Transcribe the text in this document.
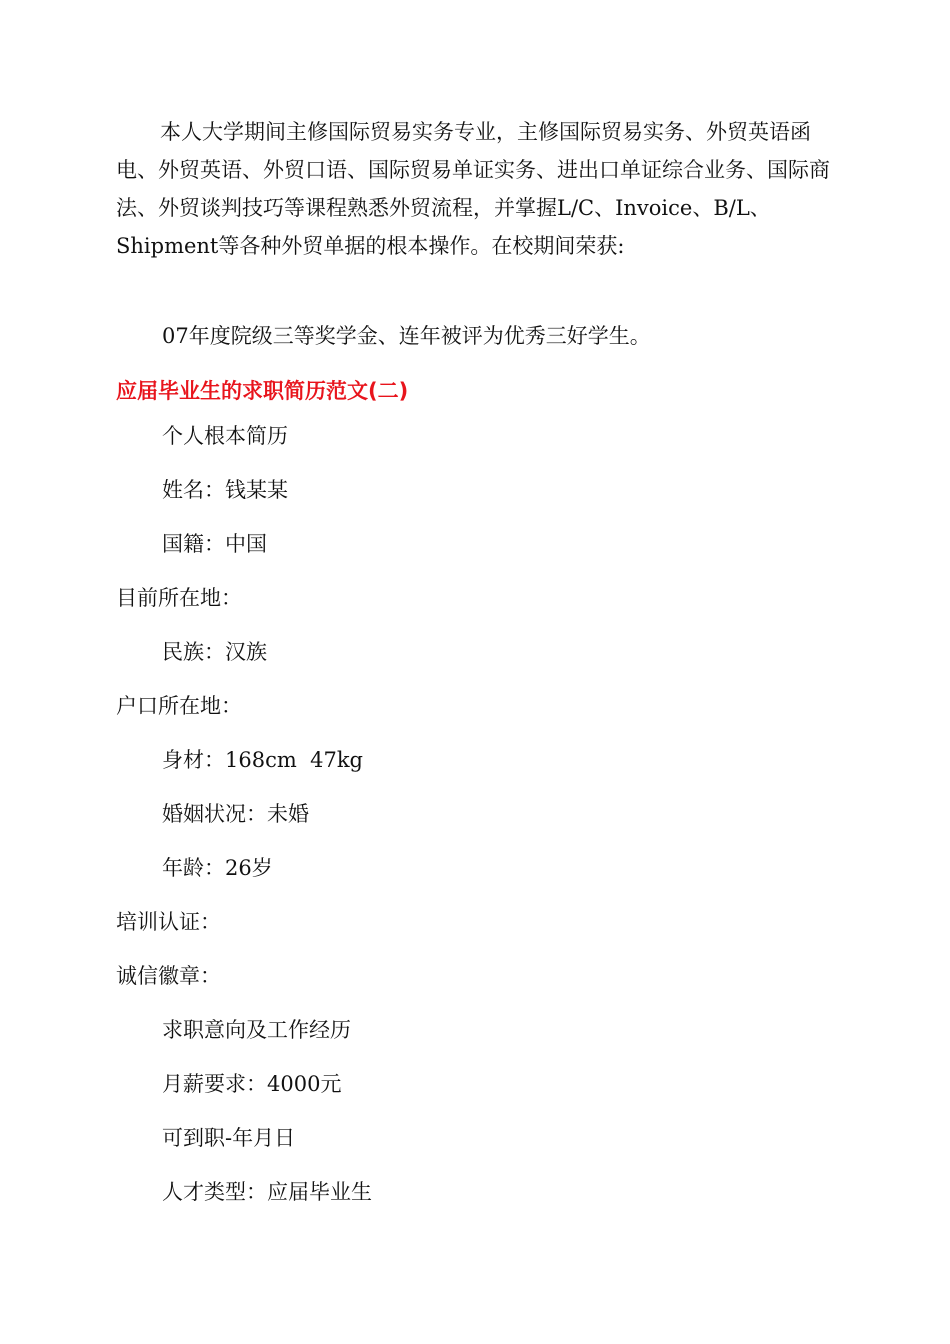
本人大学期间主修国际贸易实务专业，主修国际贸易实务、外贸英语函电、外贸英语、外贸口语、国际贸易单证实务、进出口单证综合业务、国际商法、外贸谈判技巧等课程熟悉外贸流程，并掌握L/C、Invoice、B/L、Shipment等各种外贸单据的根本操作。在校期间荣获:

07年度院级三等奖学金、连年被评为优秀三好学生。

应届毕业生的求职简历范文(二)

个人根本简历

姓名：钱某某

国籍：中国

目前所在地：

民族：汉族

户口所在地：

身材：168cm  47kg

婚姻状况：未婚

年龄：26岁

培训认证：

诚信徽章：

求职意向及工作经历

月薪要求：4000元

可到职-年月日

人才类型：应届毕业生
